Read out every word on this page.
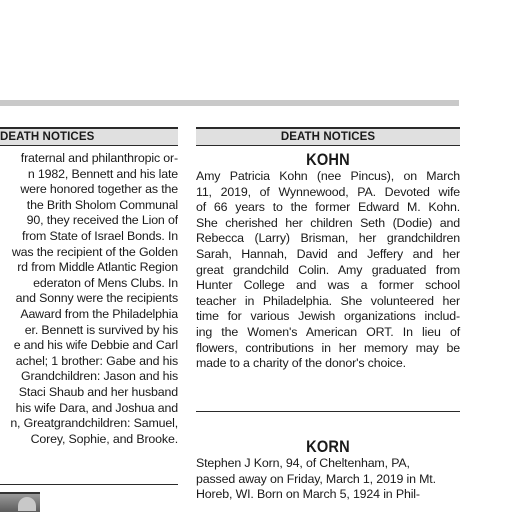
DEATH NOTICES
fraternal and philanthropic or-
n 1982, Bennett and his late
were honored together as the
the Brith Sholom Communal
90, they received the Lion of
from State of Israel Bonds. In
was the recipient of the Golden
rd from Middle Atlantic Region
ederaton of Mens Clubs. In
and Sonny were the recipients
Aaward from the Philadelphia
er. Bennett is survived by his
e and his wife Debbie and Carl
achel; 1 brother: Gabe and his
Grandchildren: Jason and his
Staci Shaub and her husband
his wife Dara, and Joshua and
n, Greatgrandchildren: Samuel,
Corey, Sophie, and Brooke.
DEATH NOTICES
KOHN
Amy Patricia Kohn (nee Pincus), on March
11, 2019, of Wynnewood, PA. Devoted wife
of 66 years to the former Edward M. Kohn.
She cherished her children Seth (Dodie) and
Rebecca (Larry) Brisman, her grandchildren
Sarah, Hannah, David and Jeffery and her
great grandchild Colin. Amy graduated from
Hunter College and was a former school
teacher in Philadelphia. She volunteered her
time for various Jewish organizations includ-
ing the Women's American ORT. In lieu of
flowers, contributions in her memory may be
made to a charity of the donor's choice.
KORN
Stephen J Korn, 94, of Cheltenham, PA,
passed away on Friday, March 1, 2019 in Mt.
Horeb, WI. Born on March 5, 1924 in Phil-
